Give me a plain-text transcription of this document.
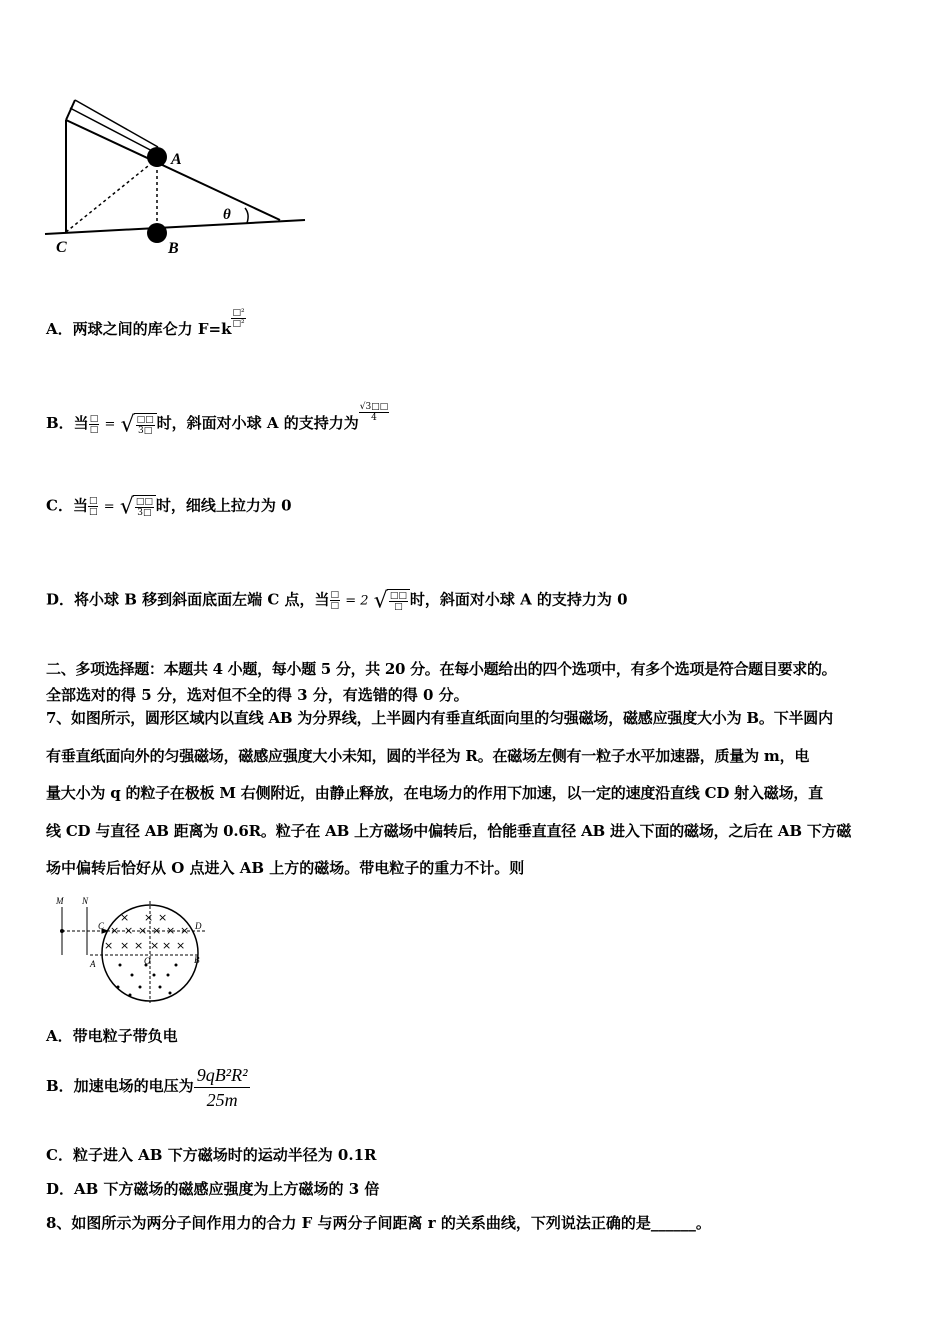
A
B
C
θ
A．两球之间的库仑力 $F=k \frac{\text{□²}}{\text{□²}}$
B．当 $\frac{□}{□}$ = √ $\frac{□□}{3□}$ 时，斜面对小球 A 的支持力为 $\frac{√3□□}{4}$
C．当 $\frac{□}{□}$ = √ $\frac{□□}{3□}$ 时，细线上拉力为 0
D．将小球 B 移到斜面底面左端 C 点，当 $\frac{□}{□} = 2$ √ $\frac{□□}{□}$ 时，斜面对小球 A 的支持力为 0
二、多项选择题：本题共 4 小题，每小题 5 分，共 20 分。在每小题给出的四个选项中，有多个选项是符合题目要求的。
全部选对的得 5 分，选对但不全的得 3 分，有选错的得 0 分。
7、如图所示，圆形区域内以直线 AB 为分界线，上半圆内有垂直纸面向里的匀强磁场，磁感应强度大小为 B。下半圆内
有垂直纸面向外的匀强磁场，磁感应强度大小未知，圆的半径为 R。在磁场左侧有一粒子水平加速器，质量为 m，电
量大小为 q 的粒子在极板 M 右侧附近，由静止释放，在电场力的作用下加速，以一定的速度沿直线 CD 射入磁场，直
线 CD 与直径 AB 距离为 0.6R。粒子在 AB 上方磁场中偏转后，恰能垂直直径 AB 进入下面的磁场，之后在 AB 下方磁
场中偏转后恰好从 O 点进入 AB 上方的磁场。带电粒子的重力不计。则
× × ×
× × × × × ×
× × × × × ×
M N
C	D
A	B
O
A．带电粒子带负电
B．加速电场的电压为 $\frac{\text{9qB²R²}}{25m}$
C．粒子进入 AB 下方磁场时的运动半径为 0.1R
D．AB 下方磁场的磁感应强度为上方磁场的 3 倍
8、如图所示为两分子间作用力的合力 F 与两分子间距离 r 的关系曲线，下列说法正确的是______。
